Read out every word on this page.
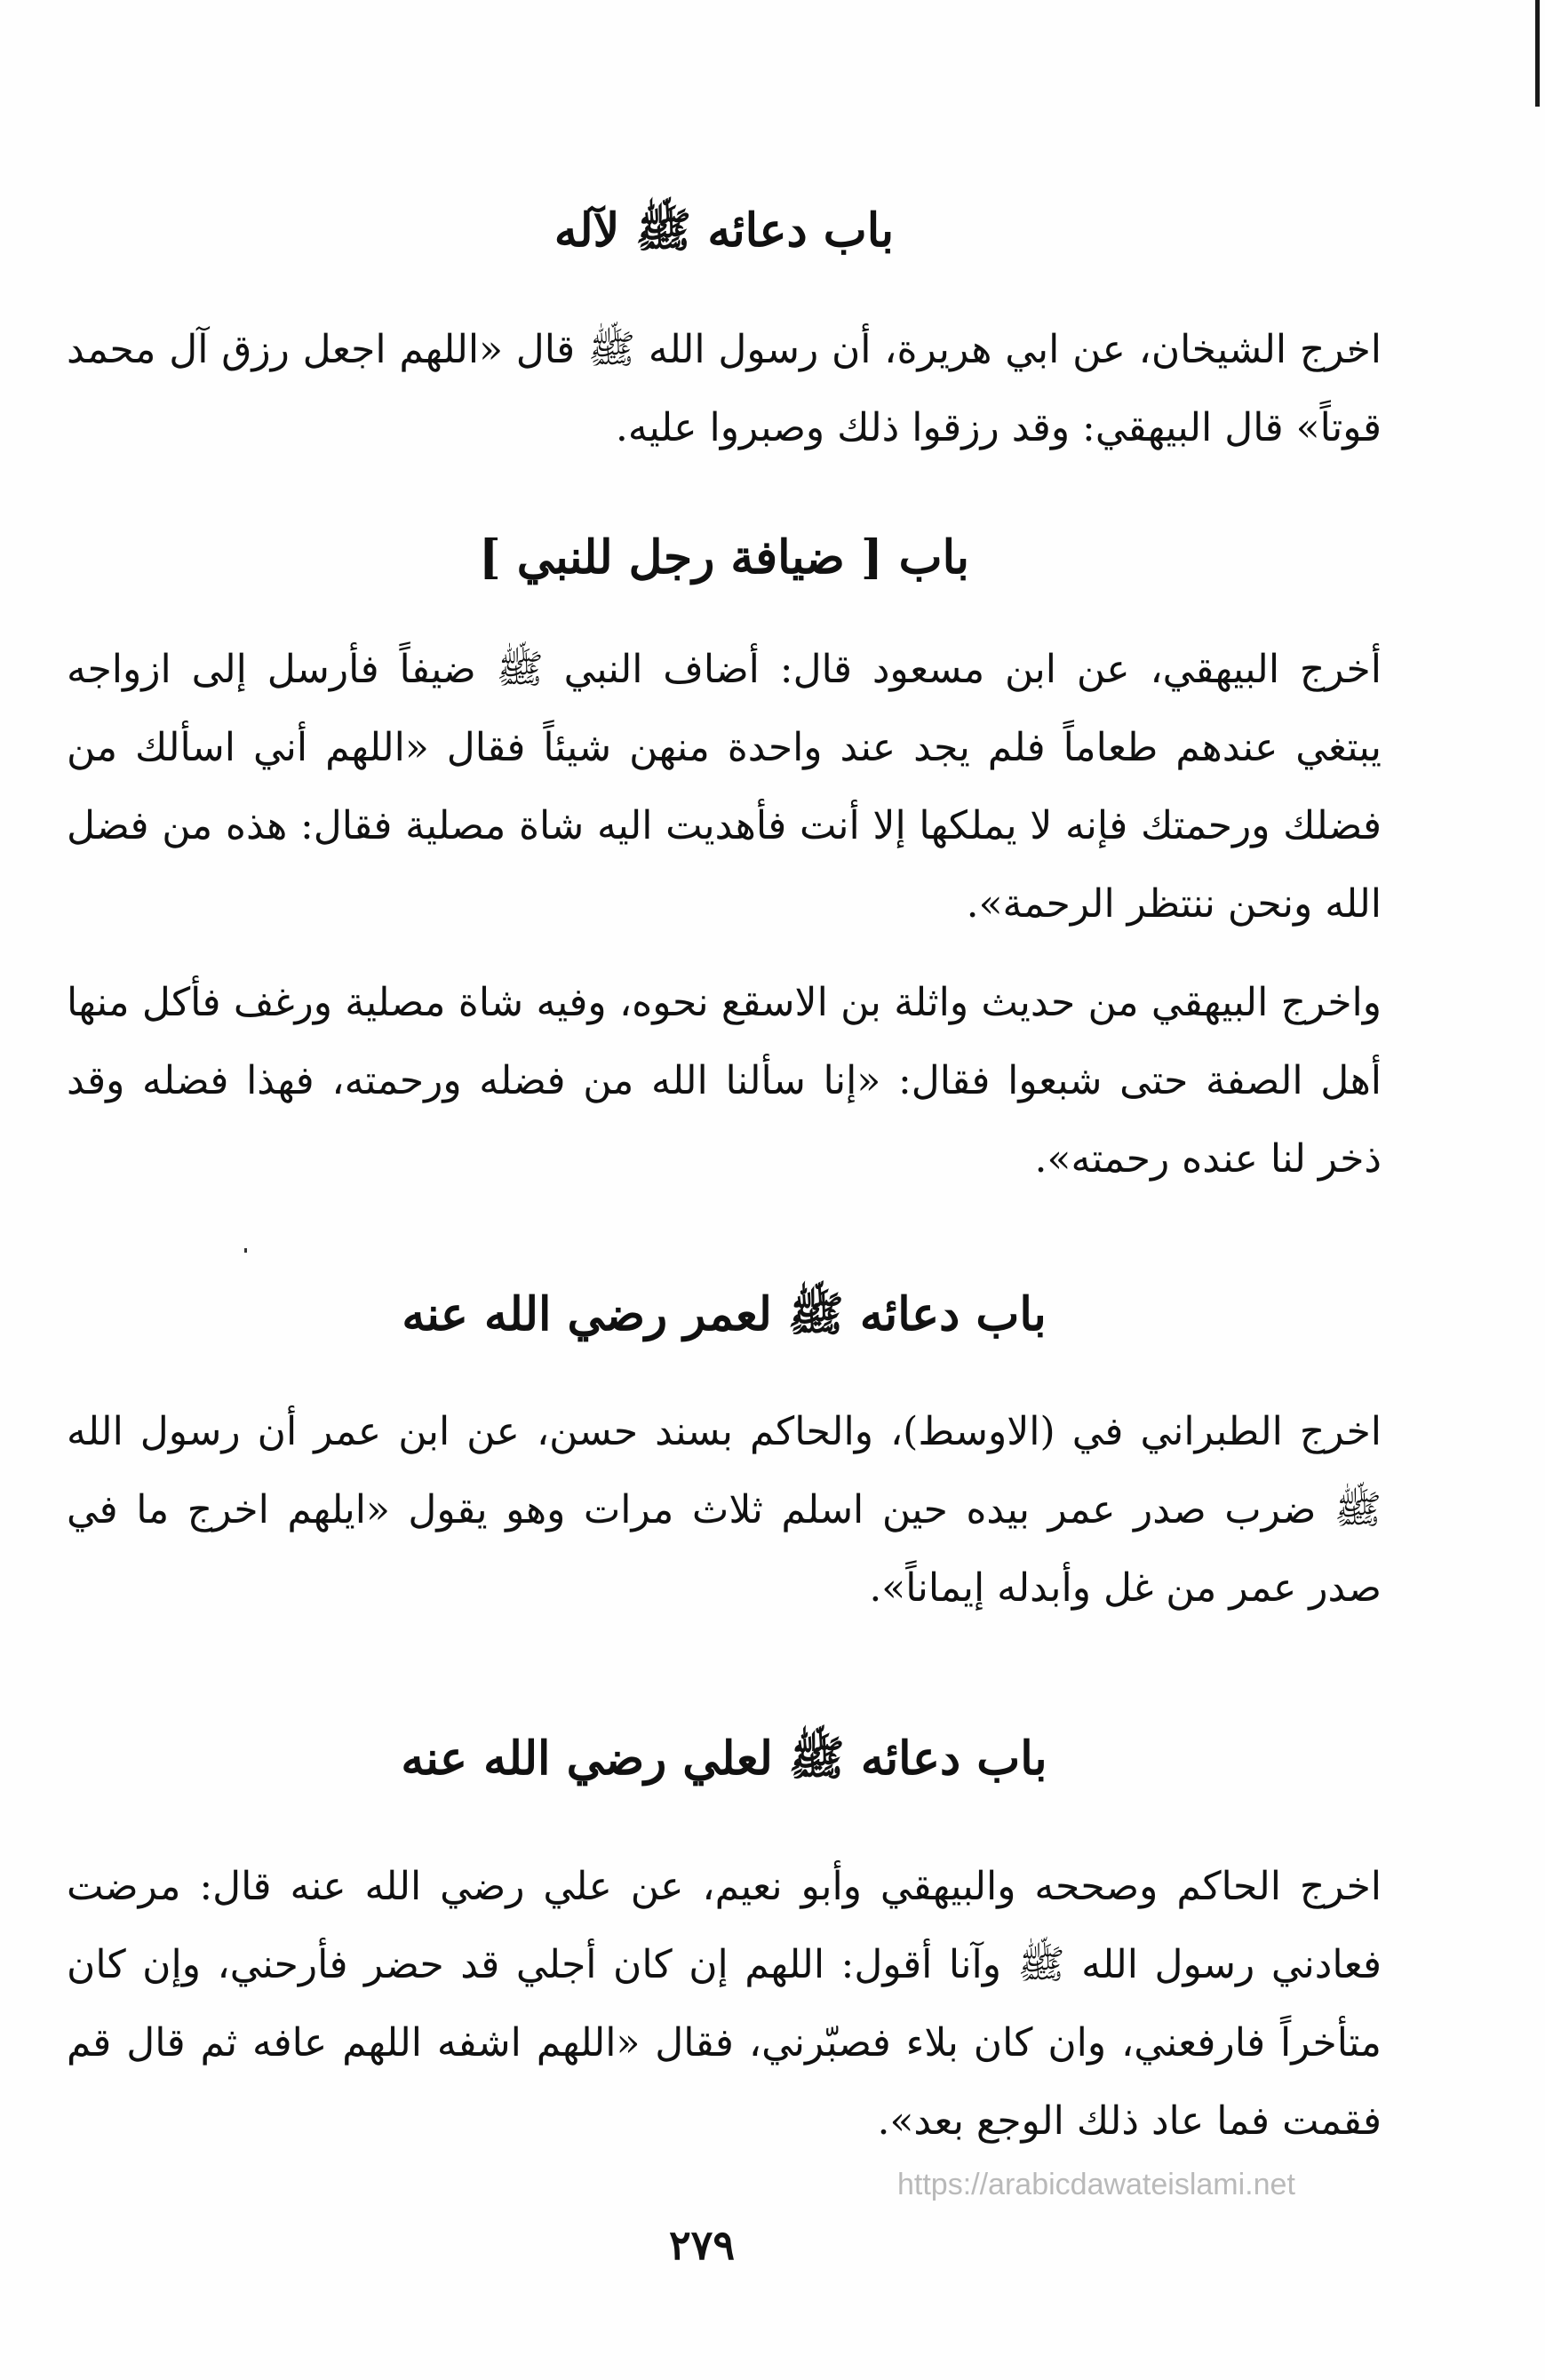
باب دعائه ﷺ لآله

اخرج الشيخان، عن ابي هريرة، أن رسول الله ﷺ قال «اللهم اجعل رزق آل محمد قوتاً» قال البيهقي: وقد رزقوا ذلك وصبروا عليه.

باب [ ضيافة رجل للنبي ]

أخرج البيهقي، عن ابن مسعود قال: أضاف النبي ﷺ ضيفاً فأرسل إلى ازواجه يبتغي عندهم طعاماً فلم يجد عند واحدة منهن شيئاً فقال «اللهم أني اسألك من فضلك ورحمتك فإنه لا يملكها إلا أنت فأهديت اليه شاة مصلية فقال: هذه من فضل الله ونحن ننتظر الرحمة».

واخرج البيهقي من حديث واثلة بن الاسقع نحوه، وفيه شاة مصلية ورغف فأكل منها أهل الصفة حتى شبعوا فقال: «إنا سألنا الله من فضله ورحمته، فهذا فضله وقد ذخر لنا عنده رحمته».

باب دعائه ﷺ لعمر رضي الله عنه

اخرج الطبراني في (الاوسط)، والحاكم بسند حسن، عن ابن عمر أن رسول الله ﷺ ضرب صدر عمر بيده حين اسلم ثلاث مرات وهو يقول «ايلهم اخرج ما في صدر عمر من غل وأبدله إيماناً».

باب دعائه ﷺ لعلي رضي الله عنه

اخرج الحاكم وصححه والبيهقي وأبو نعيم، عن علي رضي الله عنه قال: مرضت فعادني رسول الله ﷺ وآنا أقول: اللهم إن كان أجلي قد حضر فأرحني، وإن كان متأخراً فارفعني، وان كان بلاء فصبّرني، فقال «اللهم اشفه اللهم عافه ثم قال قم فقمت فما عاد ذلك الوجع بعد».

https://arabicdawateislami.net
٢٧٩
